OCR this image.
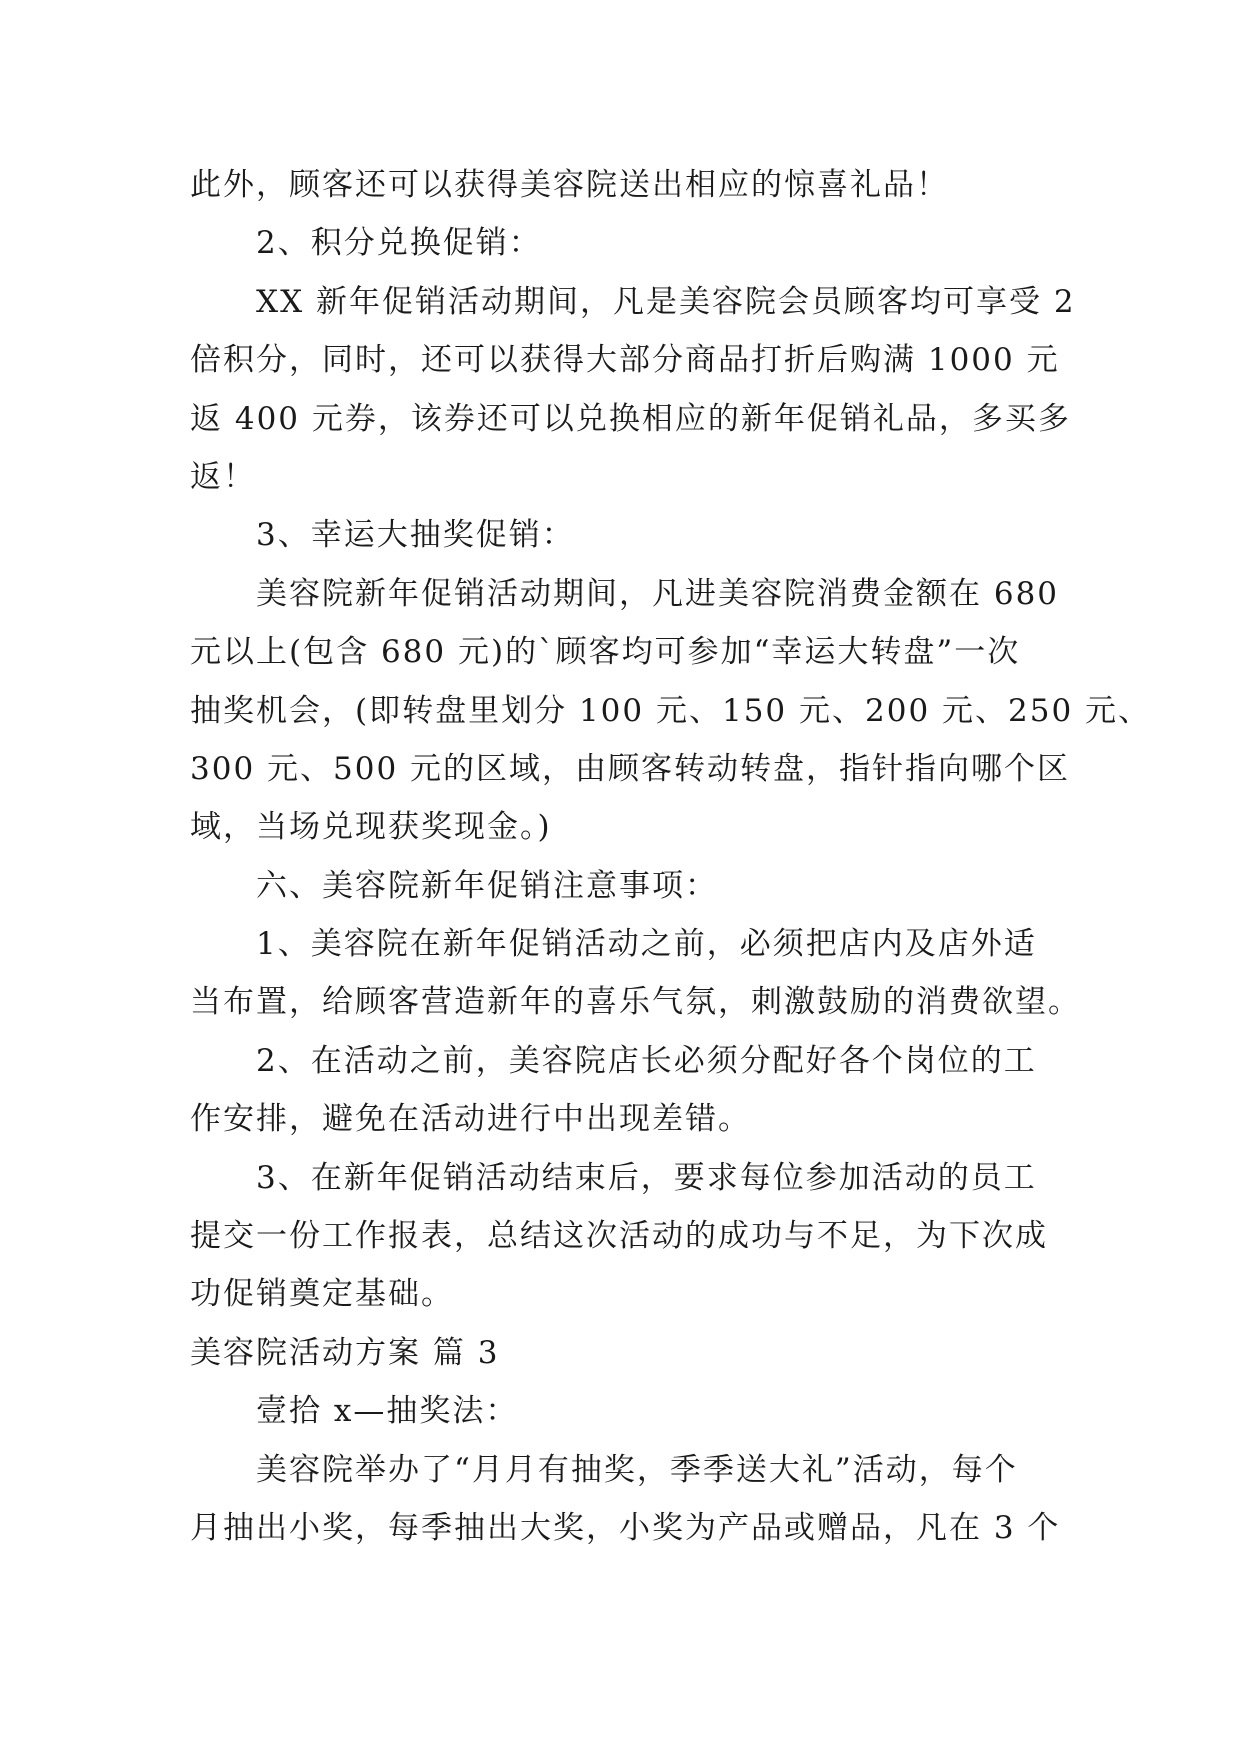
此外，顾客还可以获得美容院送出相应的惊喜礼品！
2、积分兑换促销：
XX 新年促销活动期间，凡是美容院会员顾客均可享受 2
倍积分，同时，还可以获得大部分商品打折后购满 1000 元
返 400 元券，该券还可以兑换相应的新年促销礼品，多买多
返！
3、幸运大抽奖促销：
美容院新年促销活动期间，凡进美容院消费金额在 680
元以上(包含 680 元)的`顾客均可参加“幸运大转盘”一次
抽奖机会，(即转盘里划分 100 元、150 元、200 元、250 元、
300 元、500 元的区域，由顾客转动转盘，指针指向哪个区
域，当场兑现获奖现金。)
六、美容院新年促销注意事项：
1、美容院在新年促销活动之前，必须把店内及店外适
当布置，给顾客营造新年的喜乐气氛，刺激鼓励的消费欲望。
2、在活动之前，美容院店长必须分配好各个岗位的工
作安排，避免在活动进行中出现差错。
3、在新年促销活动结束后，要求每位参加活动的员工
提交一份工作报表，总结这次活动的成功与不足，为下次成
功促销奠定基础。
美容院活动方案 篇 3
壹拾 x—抽奖法：
美容院举办了“月月有抽奖，季季送大礼”活动，每个
月抽出小奖，每季抽出大奖，小奖为产品或赠品，凡在 3 个
